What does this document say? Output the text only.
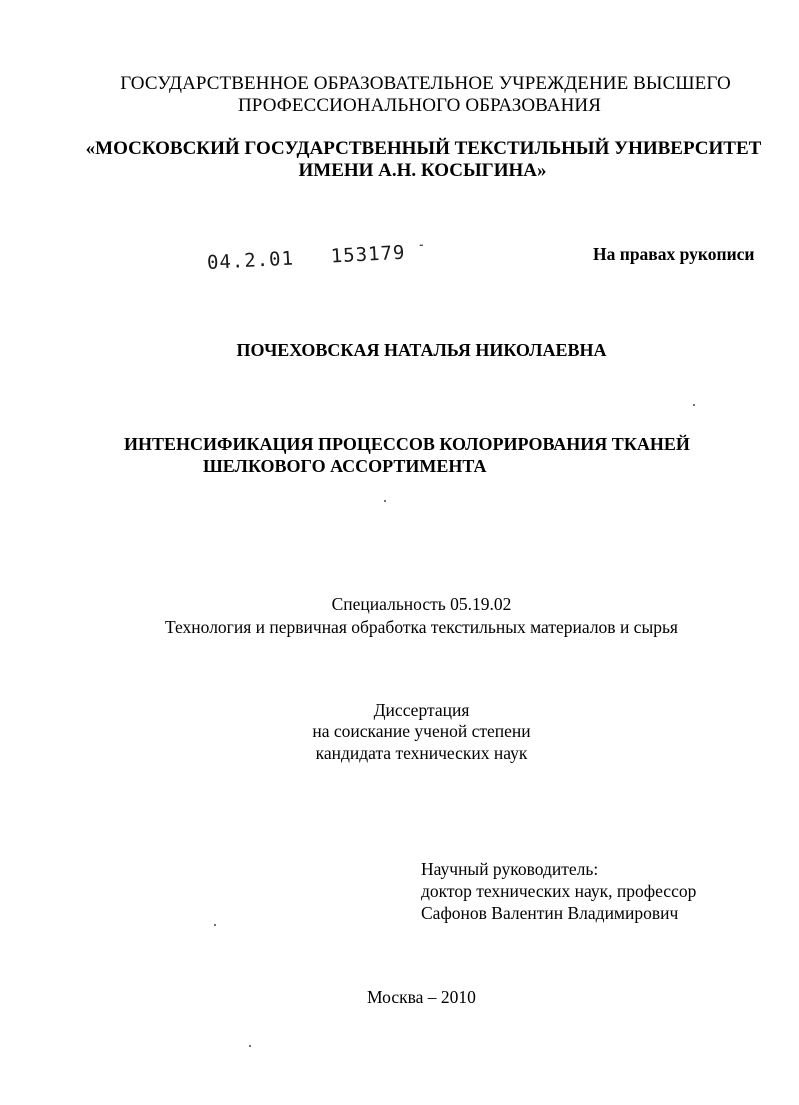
ГОСУДАРСТВЕННОЕ ОБРАЗОВАТЕЛЬНОЕ УЧРЕЖДЕНИЕ ВЫСШЕГО
ПРОФЕССИОНАЛЬНОГО ОБРАЗОВАНИЯ
«МОСКОВСКИЙ ГОСУДАРСТВЕННЫЙ ТЕКСТИЛЬНЫЙ УНИВЕРСИТЕТ
ИМЕНИ А.Н. КОСЫГИНА»
04.2.01 153179 -	На правах рукописи
ПОЧЕХОВСКАЯ НАТАЛЬЯ НИКОЛАЕВНА
ИНТЕНСИФИКАЦИЯ ПРОЦЕССОВ КОЛОРИРОВАНИЯ ТКАНЕЙ
ШЕЛКОВОГО АССОРТИМЕНТА
Специальность 05.19.02
Технология и первичная обработка текстильных материалов и сырья
Диссертация
на соискание ученой степени
кандидата технических наук
Научный руководитель:
доктор технических наук, профессор
Сафонов Валентин Владимирович
Москва – 2010
